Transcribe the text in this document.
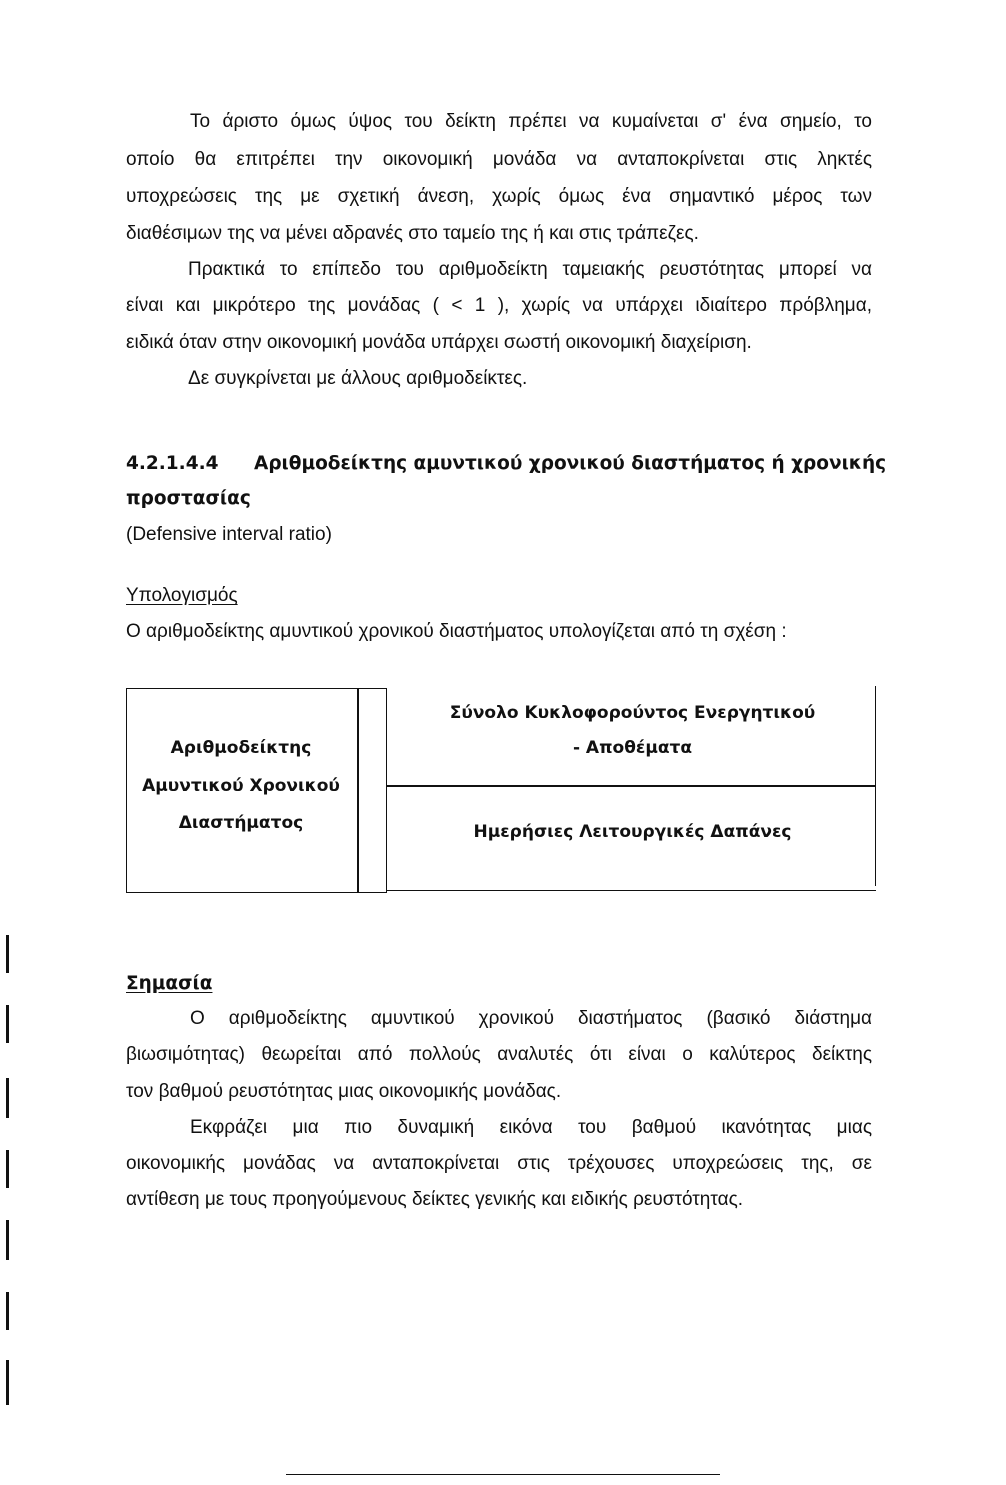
Το άριστο όμως ύψος του δείκτη πρέπει να κυμαίνεται σ' ένα σημείο, το
οποίο θα επιτρέπει την οικονομική μονάδα να ανταποκρίνεται στις ληκτές
υποχρεώσεις της με σχετική άνεση, χωρίς όμως ένα σημαντικό μέρος των
διαθέσιμων της να μένει αδρανές στο ταμείο της ή και στις τράπεζες.
Πρακτικά το επίπεδο του αριθμοδείκτη ταμειακής ρευστότητας μπορεί να
είναι και μικρότερο της μονάδας ( < 1 ), χωρίς να υπάρχει ιδιαίτερο πρόβλημα,
ειδικά όταν στην οικονομική μονάδα υπάρχει σωστή οικονομική διαχείριση.
Δε συγκρίνεται με άλλους αριθμοδείκτες.
4.2.1.4.4 Αριθμοδείκτης αμυντικού χρονικού διαστήματος ή χρονικής
προστασίας
(Defensive interval ratio)
Υπολογισμός
Ο αριθμοδείκτης αμυντικού χρονικού διαστήματος υπολογίζεται από τη σχέση :
Αριθμοδείκτης
Αμυντικού Χρονικού
Διαστήματος
Σύνολο Κυκλοφορούντος Ενεργητικού
- Αποθέματα
Ημερήσιες Λειτουργικές Δαπάνες
Σημασία
Ο αριθμοδείκτης αμυντικού χρονικού διαστήματος (βασικό διάστημα
βιωσιμότητας) θεωρείται από πολλούς αναλυτές ότι είναι ο καλύτερος δείκτης
τον βαθμού ρευστότητας μιας οικονομικής μονάδας.
Εκφράζει μια πιο δυναμική εικόνα του βαθμού ικανότητας μιας
οικονομικής μονάδας να ανταποκρίνεται στις τρέχουσες υποχρεώσεις της, σε
αντίθεση με τους προηγούμενους δείκτες γενικής και ειδικής ρευστότητας.
